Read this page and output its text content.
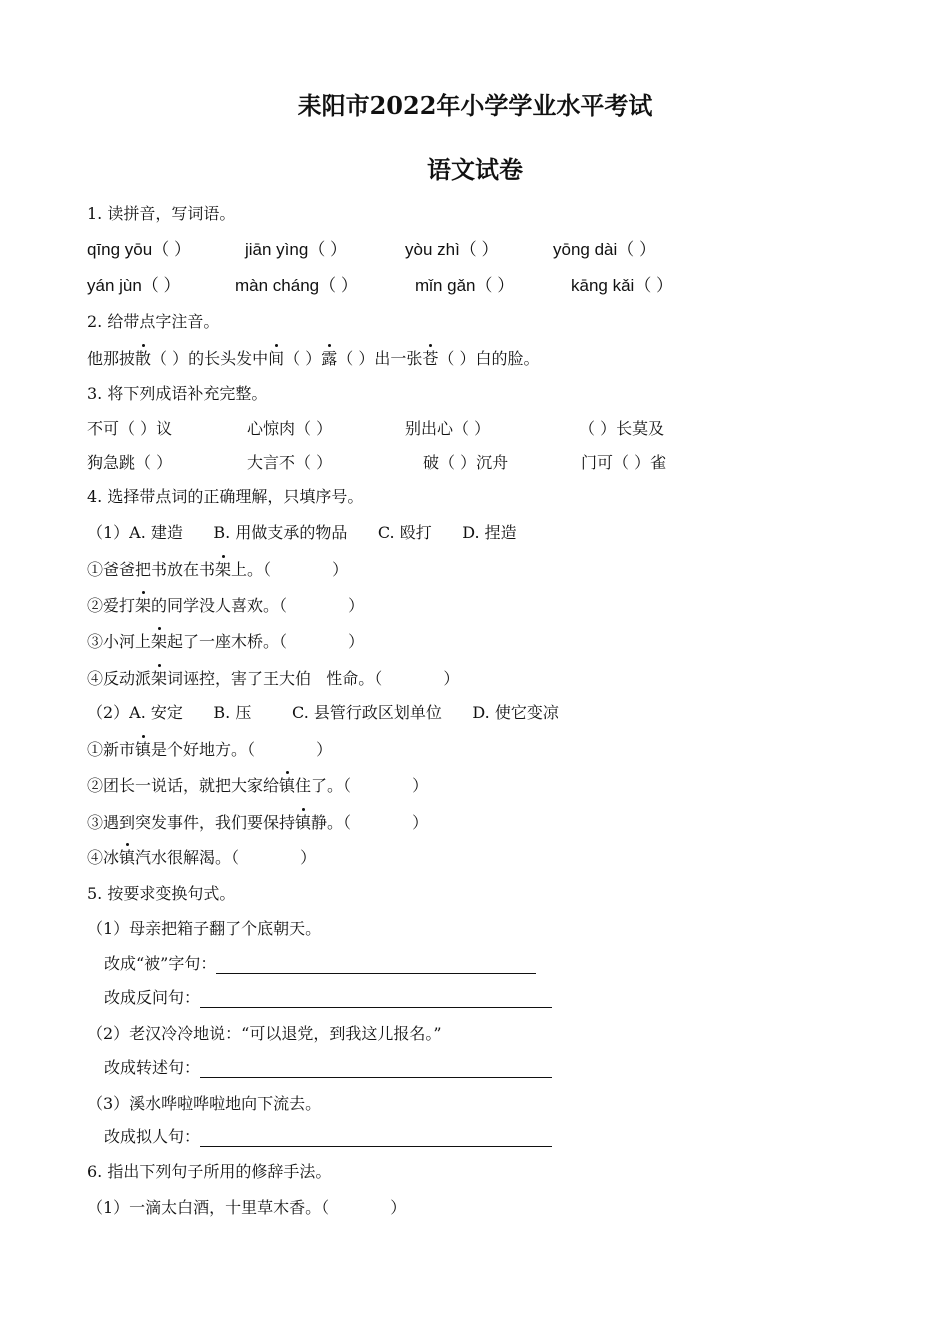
耒阳市2022年小学学业水平考试
语文试卷
1. 读拼音，写词语。
qīng yōu（ ）	jiān yìng（ ）	yòu zhì（ ）	yōng dài（ ）
yán jùn（ ）	màn cháng（ ）	mǐn gǎn（ ）	kāng kǎi（ ）
2. 给带点字注音。
他那披散（ ）的长头发中间（ ）露（ ）出一张苍（ ）白的脸。
3. 将下列成语补充完整。
不可（ ）议	心惊肉（ ）	别出心（ ）	（ ）长莫及
狗急跳（ ）	大言不（ ）	破（ ）沉舟	门可（ ）雀
4. 选择带点词的正确理解，只填序号。
（1）A. 建造      B. 用做支承的物品      C. 殴打      D. 捏造
①爸爸把书放在书架上。（            ）
②爱打架的同学没人喜欢。（            ）
③小河上架起了一座木桥。（            ）
④反动派架词诬控，害了王大伯   性命。（            ）
（2）A. 安定      B. 压        C. 县管行政区划单位      D. 使它变凉
①新市镇是个好地方。（            ）
②团长一说话，就把大家给镇住了。（            ）
③遇到突发事件，我们要保持镇静。（            ）
④冰镇汽水很解渴。（            ）
5. 按要求变换句式。
（1）母亲把箱子翻了个底朝天。
改成“被”字句：
改成反问句：
（2）老汉冷冷地说：“可以退党，到我这儿报名。”
改成转述句：
（3）溪水哗啦哗啦地向下流去。
改成拟人句：
6. 指出下列句子所用的修辞手法。
（1）一滴太白酒，十里草木香。（            ）
